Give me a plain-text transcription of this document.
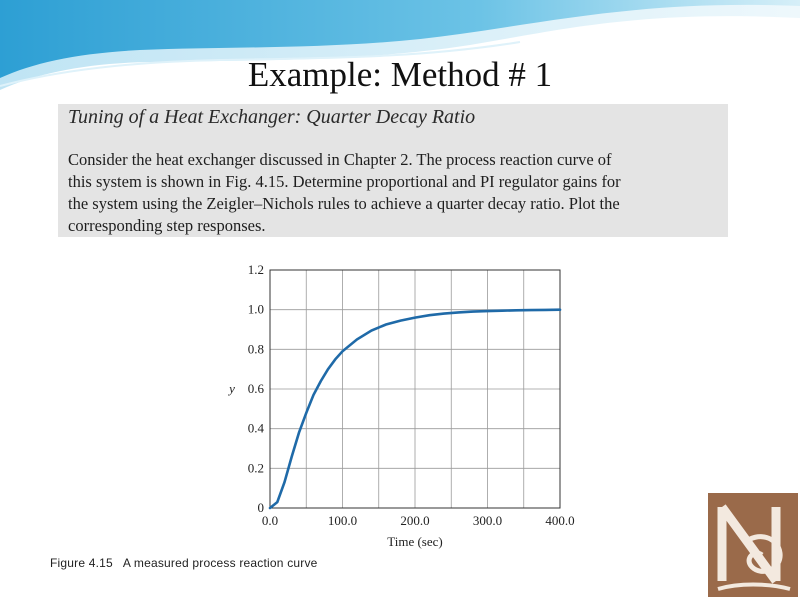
Example: Method # 1
Tuning of a Heat Exchanger: Quarter Decay Ratio
Consider the heat exchanger discussed in Chapter 2. The process reaction curve of
this system is shown in Fig. 4.15. Determine proportional and PI regulator gains for
the system using the Zeigler–Nichols rules to achieve a quarter decay ratio. Plot the
corresponding step responses.
0.0	100.0	200.0	300.0	400.0
0
0.2
0.4
0.6
0.8
1.0
1.2
Time (sec)
y
Figure 4.15   A measured process reaction curve
